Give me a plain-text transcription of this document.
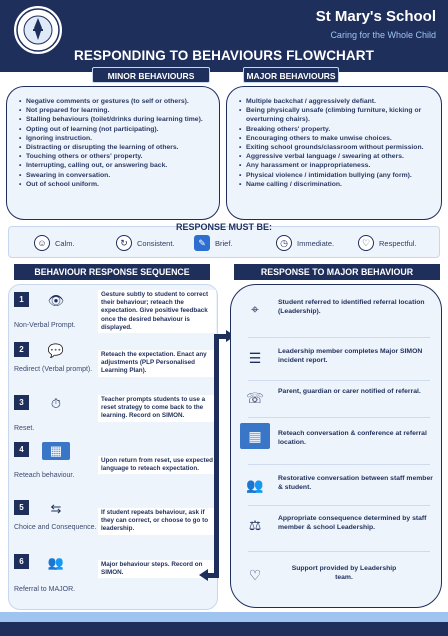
St Mary's School
Caring for the Whole Child
RESPONDING TO BEHAVIOURS FLOWCHART
MINOR BEHAVIOURS	MAJOR BEHAVIOURS
• Negative comments or gestures (to self or others).
• Not prepared for learning.
• Stalling behaviours (toilet/drinks during learning time).
• Opting out of learning (not participating).
• Ignoring instruction.
• Distracting or disrupting the learning of others.
• Touching others or others' property.
• Interrupting, calling out, or answering back.
• Swearing in conversation.
• Out of school uniform.
• Multiple backchat / aggressively defiant.
• Being physically unsafe (climbing furniture, kicking or overturning chairs).
• Breaking others' property.
• Encouraging others to make unwise choices.
• Exiting school grounds/classroom without permission.
• Aggressive verbal language / swearing at others.
• Any harassment or inappropriateness.
• Physical violence / intimidation bullying (any form).
• Name calling / discrimination.
RESPONSE MUST BE:
☺	Calm.	↻	Consistent.	✎	Brief.	◷	Immediate.	♡	Respectful.
BEHAVIOUR RESPONSE SEQUENCE	RESPONSE TO MAJOR BEHAVIOUR
1	👁
Non-Verbal Prompt.
Gesture subtly to student to correct their behaviour; reteach the expectation. Give positive feedback once the desired behaviour is displayed.
2	💬
Redirect (Verbal prompt).
Reteach the expectation. Enact any adjustments (PLP Personalised Learning Plan).
3	⏱
Reset.
Teacher prompts students to use a reset strategy to come back to the learning. Record on SIMON.
4	▦
Reteach behaviour.
Upon return from reset, use expected language to reteach expectation.
5	⇆
Choice and Consequence.
If student repeats behaviour, ask if they can correct, or choose to go to leadership.
6	👥
Referral to MAJOR.
Major behaviour steps. Record on SIMON.
⌖	Student referred to identified referral location (Leadership).
☰	Leadership member completes Major SIMON incident report.
☏	Parent, guardian or carer notified of referral.
▦	Reteach conversation & conference at referral location.
👥	Restorative conversation between staff member & student.
⚖	Appropriate consequence determined by staff member & school Leadership.
♡	Support provided by Leadership team.
